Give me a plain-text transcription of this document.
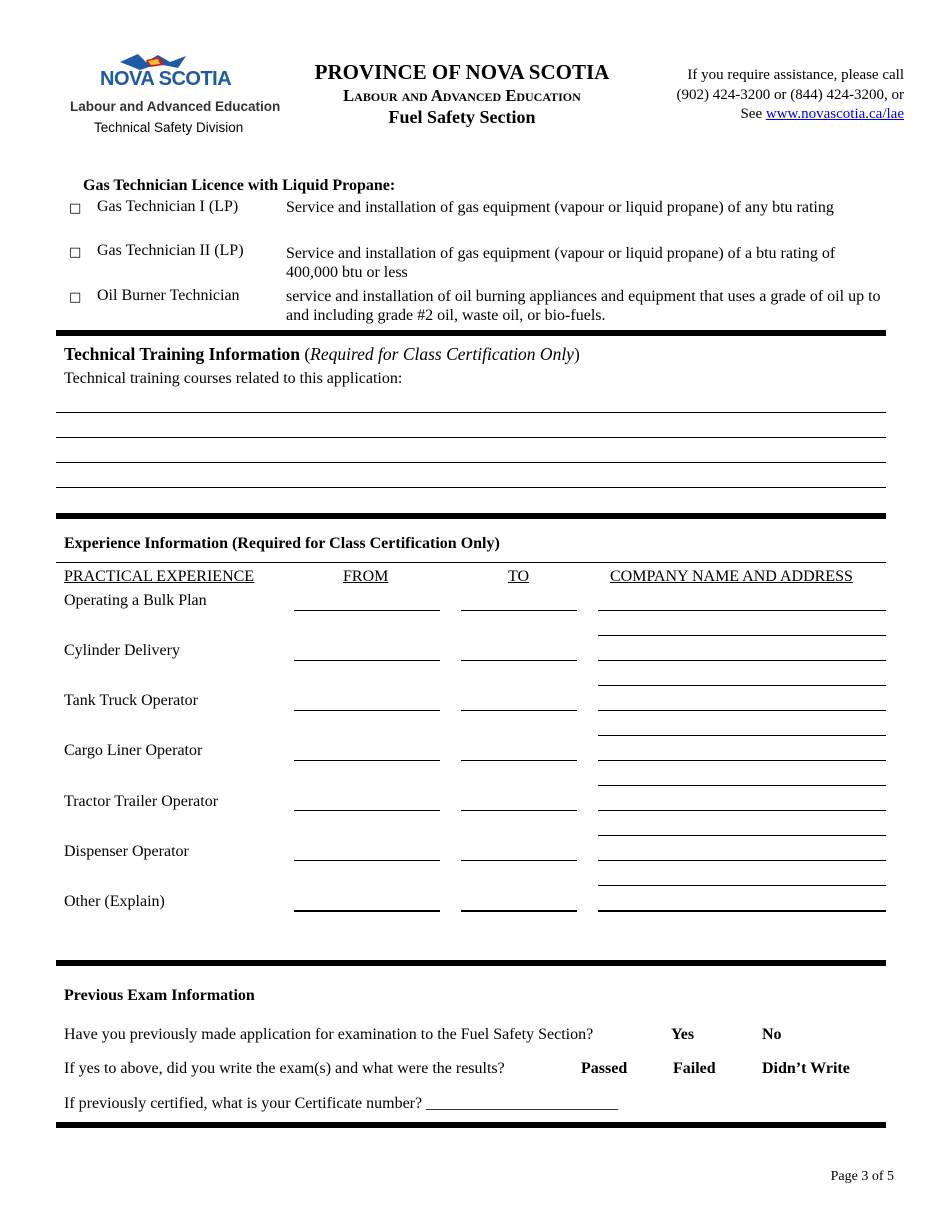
NOVA SCOTIA
Labour and Advanced Education
Technical Safety Division
PROVINCE OF NOVA SCOTIA
Labour and Advanced Education
Fuel Safety Section
If you require assistance, please call
(902) 424-3200 or (844) 424-3200, or
See www.novascotia.ca/lae
Gas Technician Licence with Liquid Propane:
□ Gas Technician I (LP)	Service and installation of gas equipment (vapour or liquid propane) of any btu rating
□ Gas Technician II (LP)	Service and installation of gas equipment (vapour or liquid propane) of a btu rating of 400,000 btu or less
□ Oil Burner Technician	service and installation of oil burning appliances and equipment that uses a grade of oil up to and including grade #2 oil, waste oil, or bio-fuels.
Technical Training Information (Required for Class Certification Only)
Technical training courses related to this application:
Experience Information (Required for Class Certification Only)
PRACTICAL EXPERIENCE	FROM	TO	COMPANY NAME AND ADDRESS
Operating a Bulk Plan
Cylinder Delivery
Tank Truck Operator
Cargo Liner Operator
Tractor Trailer Operator
Dispenser Operator
Other (Explain)
Previous Exam Information
Have you previously made application for examination to the Fuel Safety Section?	Yes	No
If yes to above, did you write the exam(s) and what were the results?	Passed	Failed	Didn’t Write
If previously certified, what is your Certificate number? ________________________
Page 3 of 5
